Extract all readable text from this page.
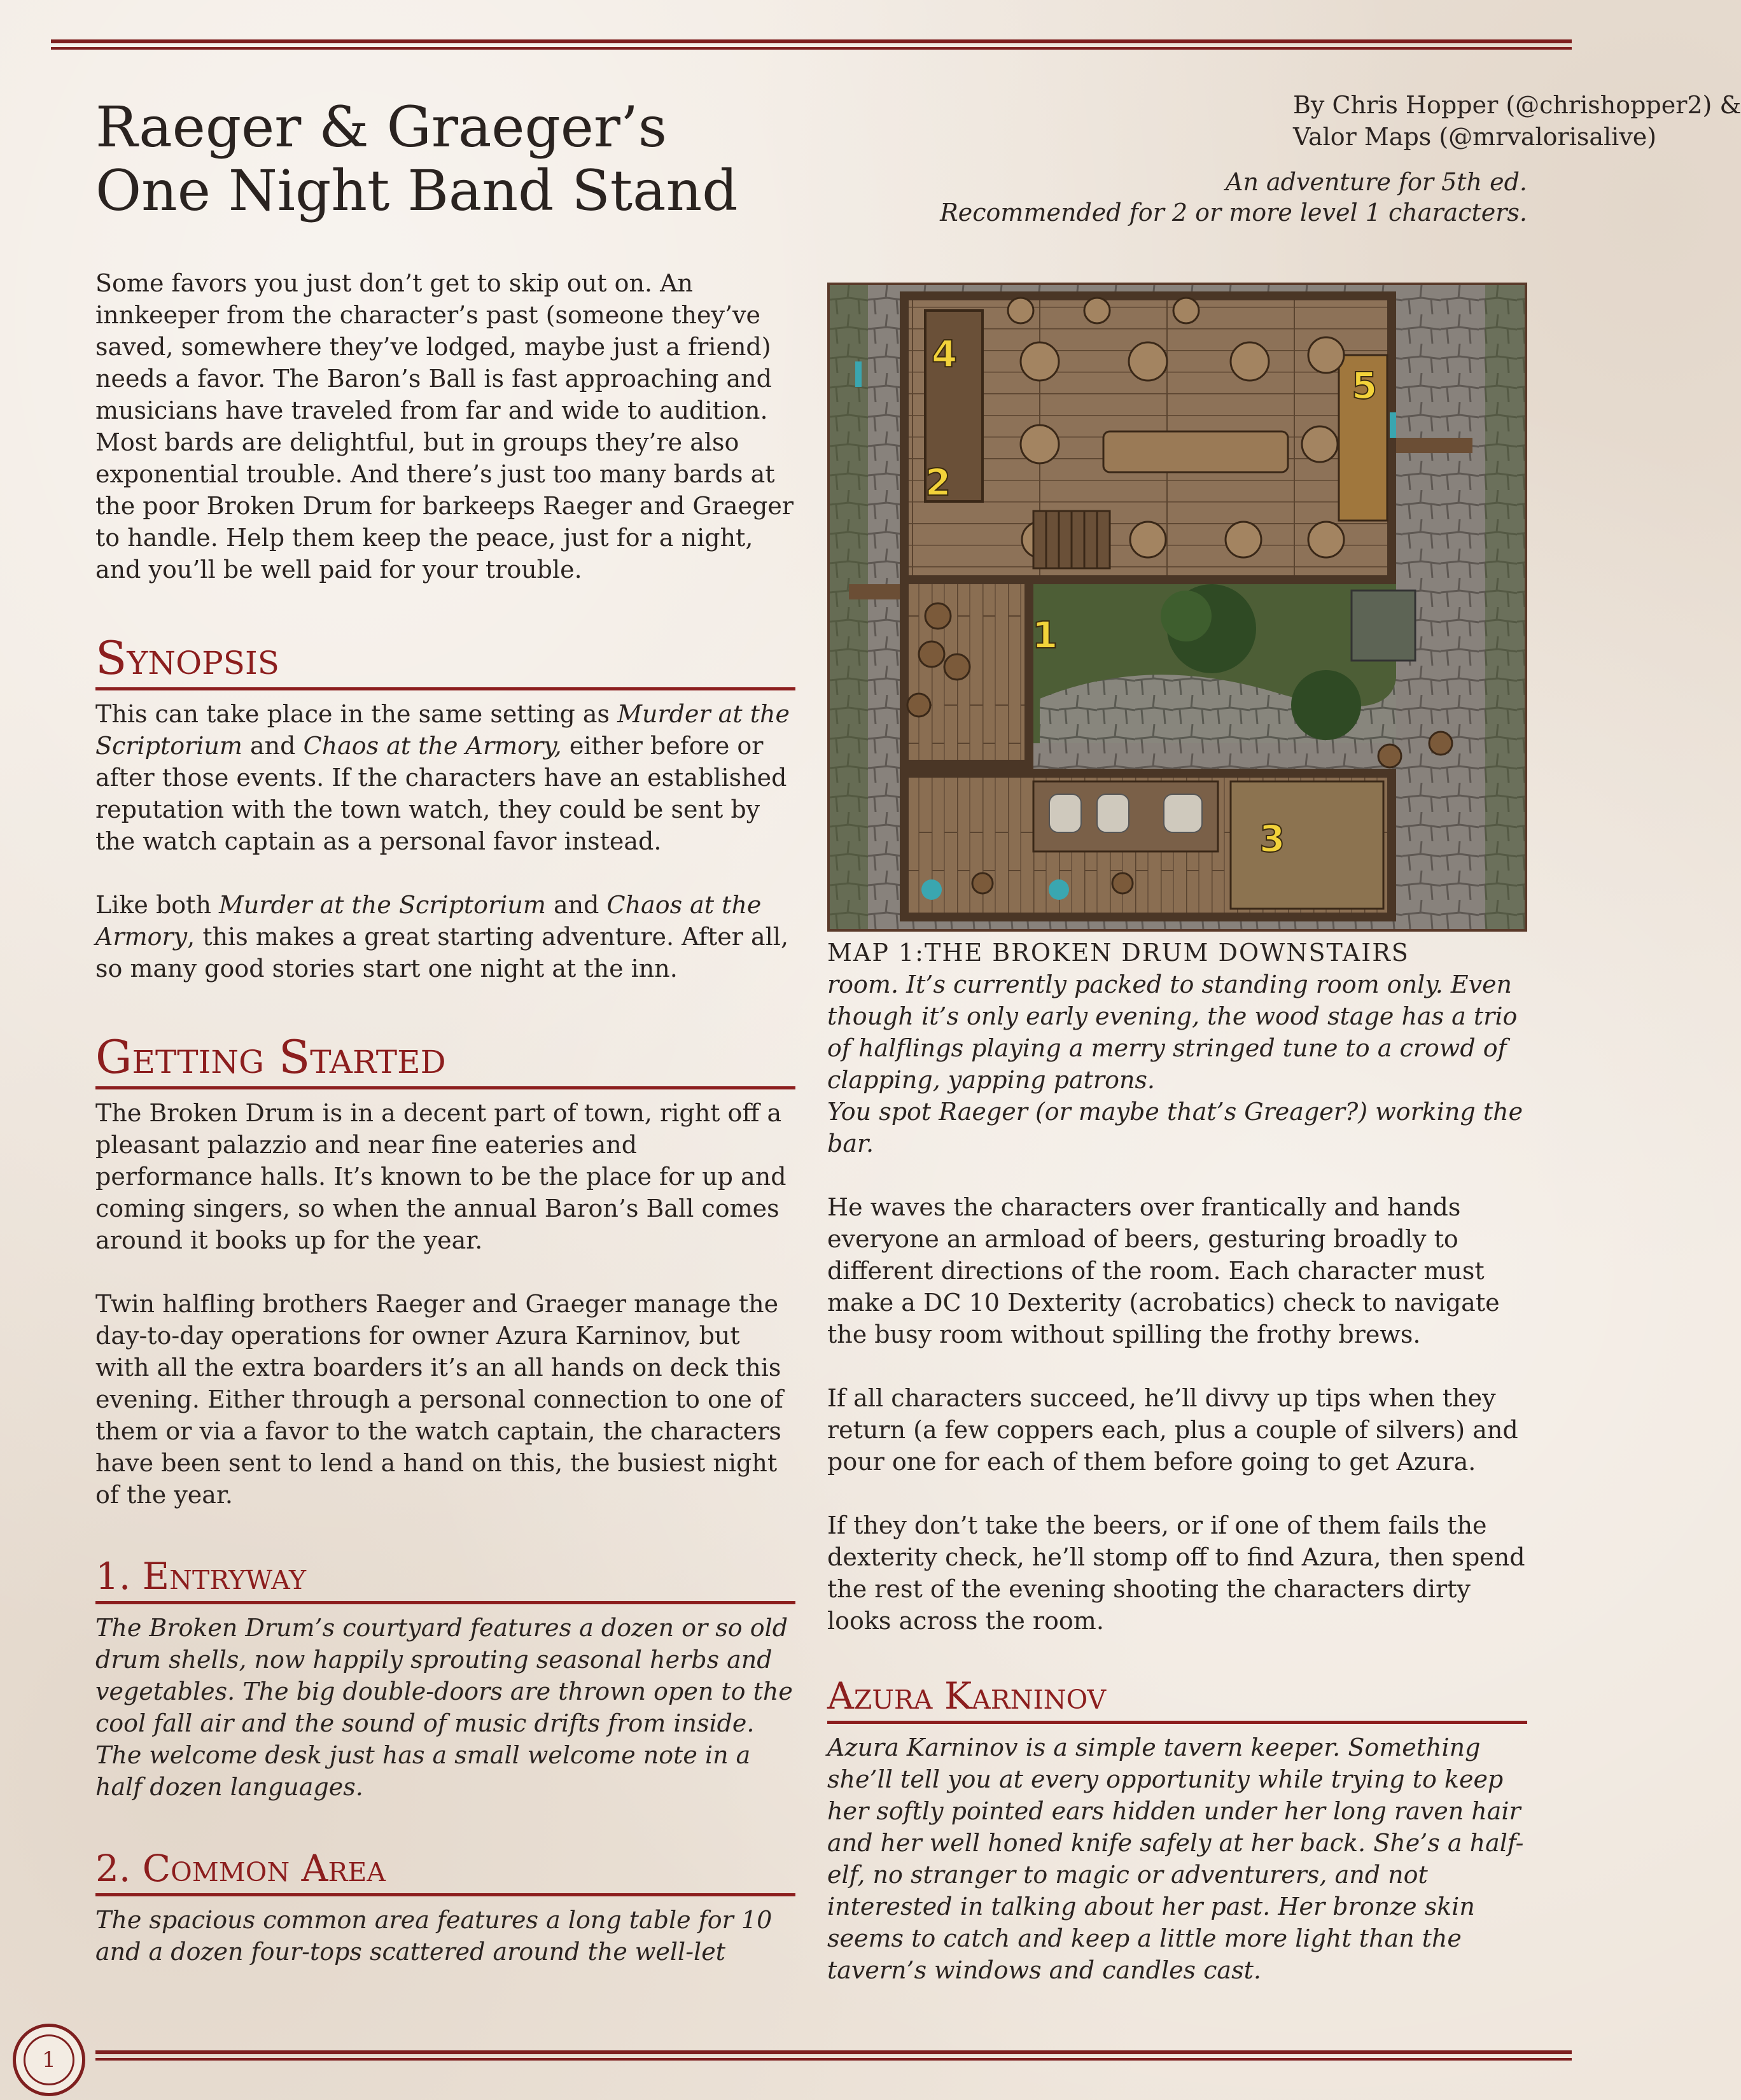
Raeger & Graeger’s
One Night Band Stand
By Chris Hopper (@chrishopper2) &
Valor Maps (@mrvalorisalive)
An adventure for 5th ed.
Recommended for 2 or more level 1 characters.

Some favors you just don’t get to skip out on. An innkeeper from the character’s past (someone they’ve saved, somewhere they’ve lodged, maybe just a friend) needs a favor. The Baron’s Ball is fast approaching and musicians have traveled from far and wide to audition. Most bards are delightful, but in groups they’re also exponential trouble. And there’s just too many bards at the poor Broken Drum for barkeeps Raeger and Graeger to handle. Help them keep the peace, just for a night, and you’ll be well paid for your trouble.

Synopsis

This can take place in the same setting as Murder at the Scriptorium and Chaos at the Armory, either before or after those events. If the characters have an established reputation with the town watch, they could be sent by the watch captain as a personal favor instead.

Like both Murder at the Scriptorium and Chaos at the Armory, this makes a great starting adventure. After all, so many good stories start one night at the inn.

Getting Started

The Broken Drum is in a decent part of town, right off a pleasant palazzio and near fine eateries and performance halls. It’s known to be the place for up and coming singers, so when the annual Baron’s Ball comes around it books up for the year.

Twin halfling brothers Raeger and Graeger manage the day-to-day operations for owner Azura Karninov, but with all the extra boarders it’s an all hands on deck this evening. Either through a personal connection to one of them or via a favor to the watch captain, the characters have been sent to lend a hand on this, the busiest night of the year.

1. Entryway

The Broken Drum’s courtyard features a dozen or so old drum shells, now happily sprouting seasonal herbs and vegetables. The big double-doors are thrown open to the cool fall air and the sound of music drifts from inside. The welcome desk just has a small welcome note in a half dozen languages.

2. Common Area

The spacious common area features a long table for 10 and a dozen four-tops scattered around the well-let

2
1
3
4
5
MAP 1:THE BROKEN DRUM DOWNSTAIRS

room. It’s currently packed to standing room only. Even though it’s only early evening, the wood stage has a trio of halflings playing a merry stringed tune to a crowd of clapping, yapping patrons.

You spot Raeger (or maybe that’s Greager?) working the bar.

He waves the characters over frantically and hands everyone an armload of beers, gesturing broadly to different directions of the room. Each character must make a DC 10 Dexterity (acrobatics) check to navigate the busy room without spilling the frothy brews.

If all characters succeed, he’ll divvy up tips when they return (a few coppers each, plus a couple of silvers) and pour one for each of them before going to get Azura.

If they don’t take the beers, or if one of them fails the dexterity check, he’ll stomp off to find Azura, then spend the rest of the evening shooting the characters dirty looks across the room.

Azura Karninov

Azura Karninov is a simple tavern keeper. Something she’ll tell you at every opportunity while trying to keep her softly pointed ears hidden under her long raven hair and her well honed knife safely at her back. She’s a half-elf, no stranger to magic or adventurers, and not interested in talking about her past. Her bronze skin seems to catch and keep a little more light than the tavern’s windows and candles cast.

1
